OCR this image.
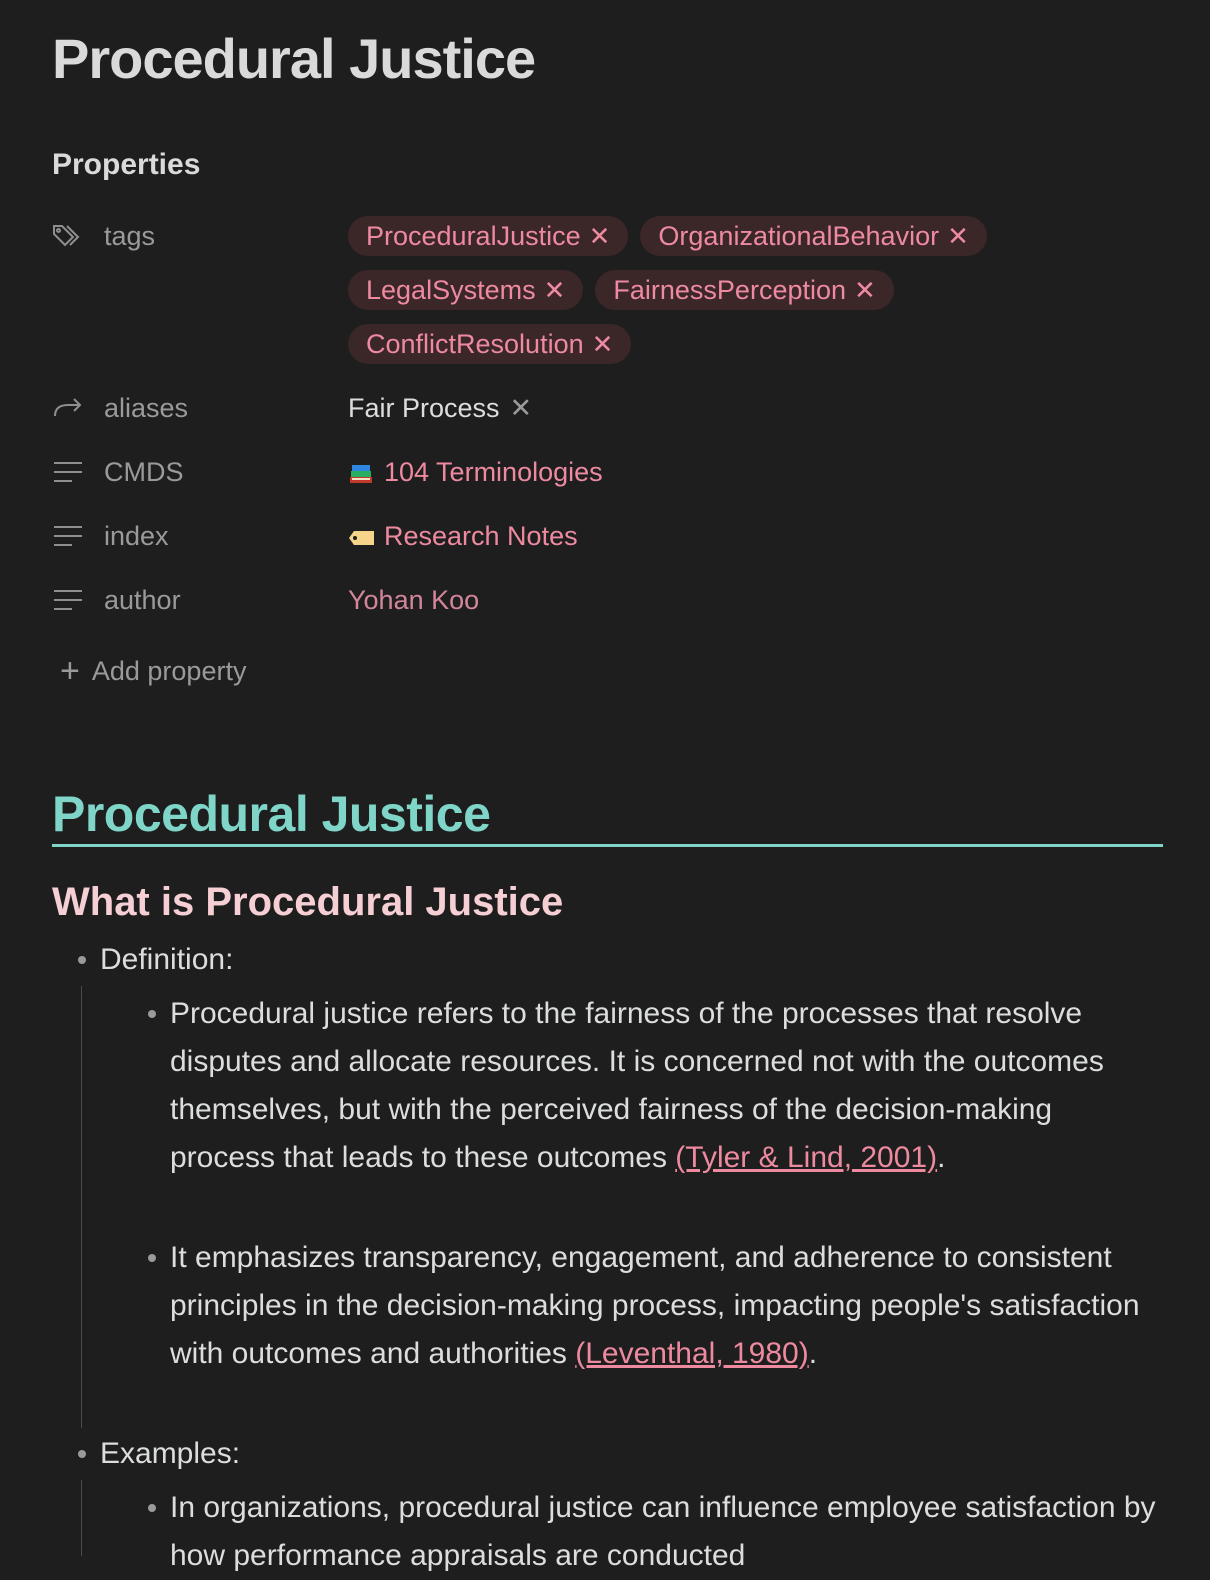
Procedural Justice
Properties
tags	ProceduralJustice ✕ OrganizationalBehavior ✕
LegalSystems ✕ FairnessPerception ✕
ConflictResolution ✕
aliases	Fair Process ✕
CMDS	104 Terminologies
index	Research Notes
author	Yohan Koo
+ Add property
Procedural Justice
What is Procedural Justice
Definition:
Procedural justice refers to the fairness of the processes that resolve disputes and allocate resources. It is concerned not with the outcomes themselves, but with the perceived fairness of the decision-making process that leads to these outcomes (Tyler & Lind, 2001).
It emphasizes transparency, engagement, and adherence to consistent principles in the decision-making process, impacting people's satisfaction with outcomes and authorities (Leventhal, 1980).
Examples:
In organizations, procedural justice can influence employee satisfaction by how performance appraisals are conducted
